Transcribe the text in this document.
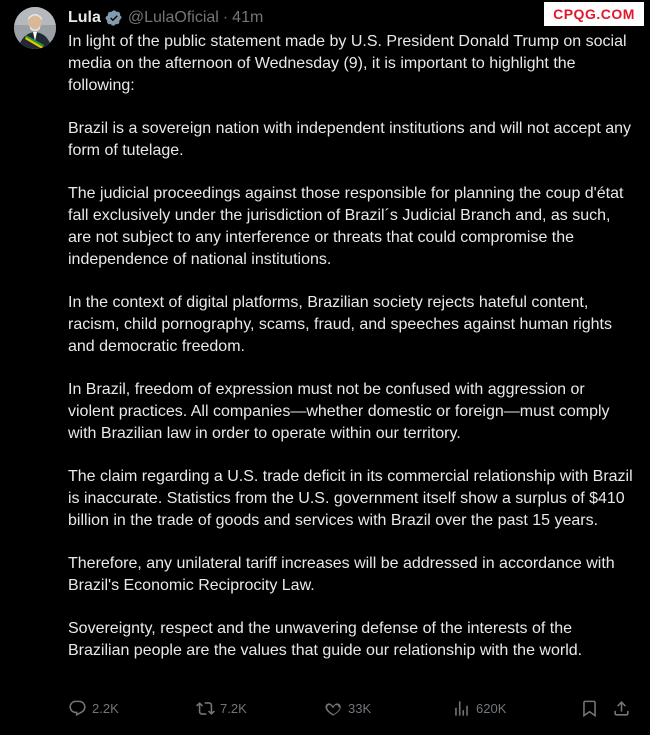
Lula @LulaOficial · 41m	CPQG.COM

In light of the public statement made by U.S. President Donald Trump on social media on the afternoon of Wednesday (9), it is important to highlight the following:

Brazil is a sovereign nation with independent institutions and will not accept any form of tutelage.

The judicial proceedings against those responsible for planning the coup d'état fall exclusively under the jurisdiction of Brazil´s Judicial Branch and, as such, are not subject to any interference or threats that could compromise the independence of national institutions.

In the context of digital platforms, Brazilian society rejects hateful content, racism, child pornography, scams, fraud, and speeches against human rights and democratic freedom.

In Brazil, freedom of expression must not be confused with aggression or violent practices. All companies—whether domestic or foreign—must comply with Brazilian law in order to operate within our territory.

The claim regarding a U.S. trade deficit in its commercial relationship with Brazil is inaccurate. Statistics from the U.S. government itself show a surplus of $410 billion in the trade of goods and services with Brazil over the past 15 years.

Therefore, any unilateral tariff increases will be addressed in accordance with Brazil's Economic Reciprocity Law.

Sovereignty, respect and the unwavering defense of the interests of the Brazilian people are the values that guide our relationship with the world.

2.2K	7.2K	33K	620K
